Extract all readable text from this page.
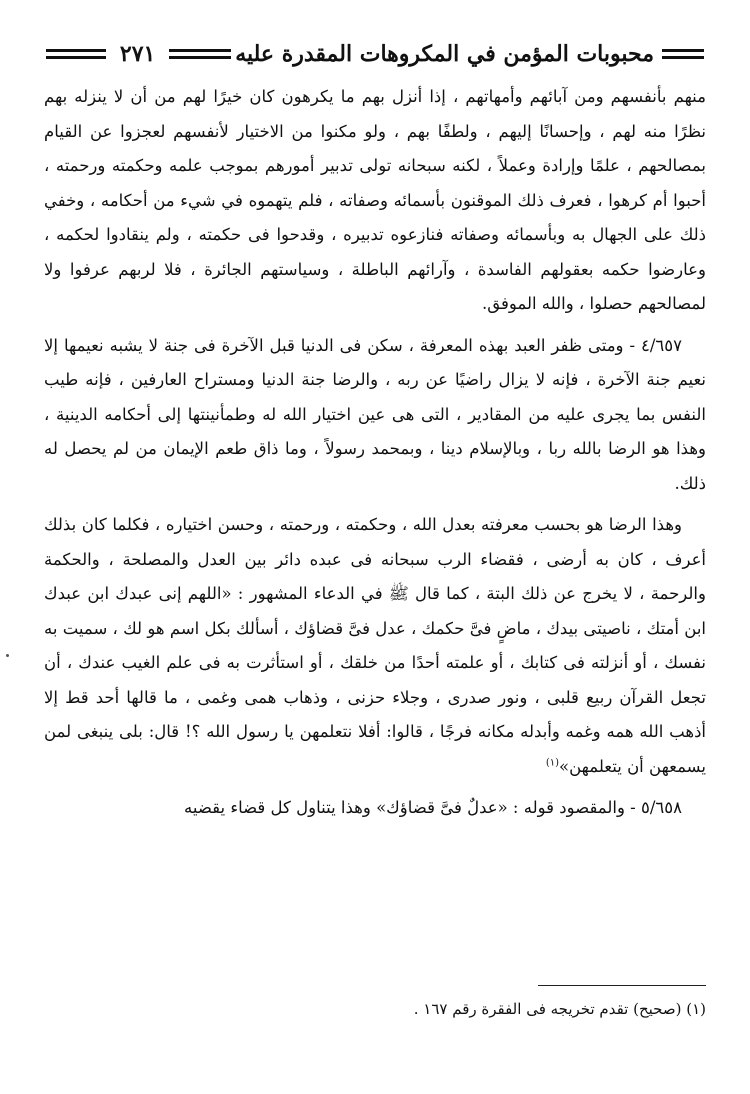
محبوبات المؤمن في المكروهات المقدرة عليه
٢٧١

منهم بأنفسهم ومن آبائهم وأمهاتهم ، إذا أنزل بهم ما يكرهون كان خيرًا لهم من أن لا ينزله بهم نظرًا منه لهم ، وإحسانًا إليهم ، ولطفًا بهم ، ولو مكنوا من الاختيار لأنفسهم لعجزوا عن القيام بمصالحهم ، علمًا وإرادة وعملاً ، لكنه سبحانه تولى تدبير أمورهم بموجب علمه وحكمته ورحمته ، أحبوا أم كرهوا ، فعرف ذلك الموقنون بأسمائه وصفاته ، فلم يتهموه في شيء من أحكامه ، وخفي ذلك على الجهال به وبأسمائه وصفاته فنازعوه تدبيره ، وقدحوا فى حكمته ، ولم ينقادوا لحكمه ، وعارضوا حكمه بعقولهم الفاسدة ، وآرائهم الباطلة ، وسياستهم الجائرة ، فلا لربهم عرفوا ولا لمصالحهم حصلوا ، والله الموفق.

٤/٦٥٧ - ومتى ظفر العبد بهذه المعرفة ، سكن فى الدنيا قبل الآخرة فى جنة لا يشبه نعيمها إلا نعيم جنة الآخرة ، فإنه لا يزال راضيًا عن ربه ، والرضا جنة الدنيا ومستراح العارفين ، فإنه طيب النفس بما يجرى عليه من المقادير ، التى هى عين اختيار الله له وطمأنينتها إلى أحكامه الدينية ، وهذا هو الرضا بالله ربا ، وبالإسلام دينا ، وبمحمد رسولاً ، وما ذاق طعم الإيمان من لم يحصل له ذلك.

وهذا الرضا هو بحسب معرفته بعدل الله ، وحكمته ، ورحمته ، وحسن اختياره ، فكلما كان بذلك أعرف ، كان به أرضى ، فقضاء الرب سبحانه فى عبده دائر بين العدل والمصلحة ، والحكمة والرحمة ، لا يخرج عن ذلك البتة ، كما قال ﷺ في الدعاء المشهور : «اللهم إنى عبدك ابن عبدك ابن أمتك ، ناصيتى بيدك ، ماضٍ فىَّ حكمك ، عدل فىَّ قضاؤك ، أسألك بكل اسم هو لك ، سميت به نفسك ، أو أنزلته فى كتابك ، أو علمته أحدًا من خلقك ، أو استأثرت به فى علم الغيب عندك ، أن تجعل القرآن ربيع قلبى ، ونور صدرى ، وجلاء حزنى ، وذهاب همى وغمى ، ما قالها أحد قط إلا أذهب الله همه وغمه وأبدله مكانه فرجًا ، قالوا: أفلا نتعلمهن يا رسول الله ؟! قال: بلى ينبغى لمن يسمعهن أن يتعلمهن»$^{(١)}$

٥/٦٥٨ - والمقصود قوله : «عدلٌ فىَّ قضاؤك» وهذا يتناول كل قضاء يقضيه

(١) (صحيح) تقدم تخريجه فى الفقرة رقم ١٦٧ .
